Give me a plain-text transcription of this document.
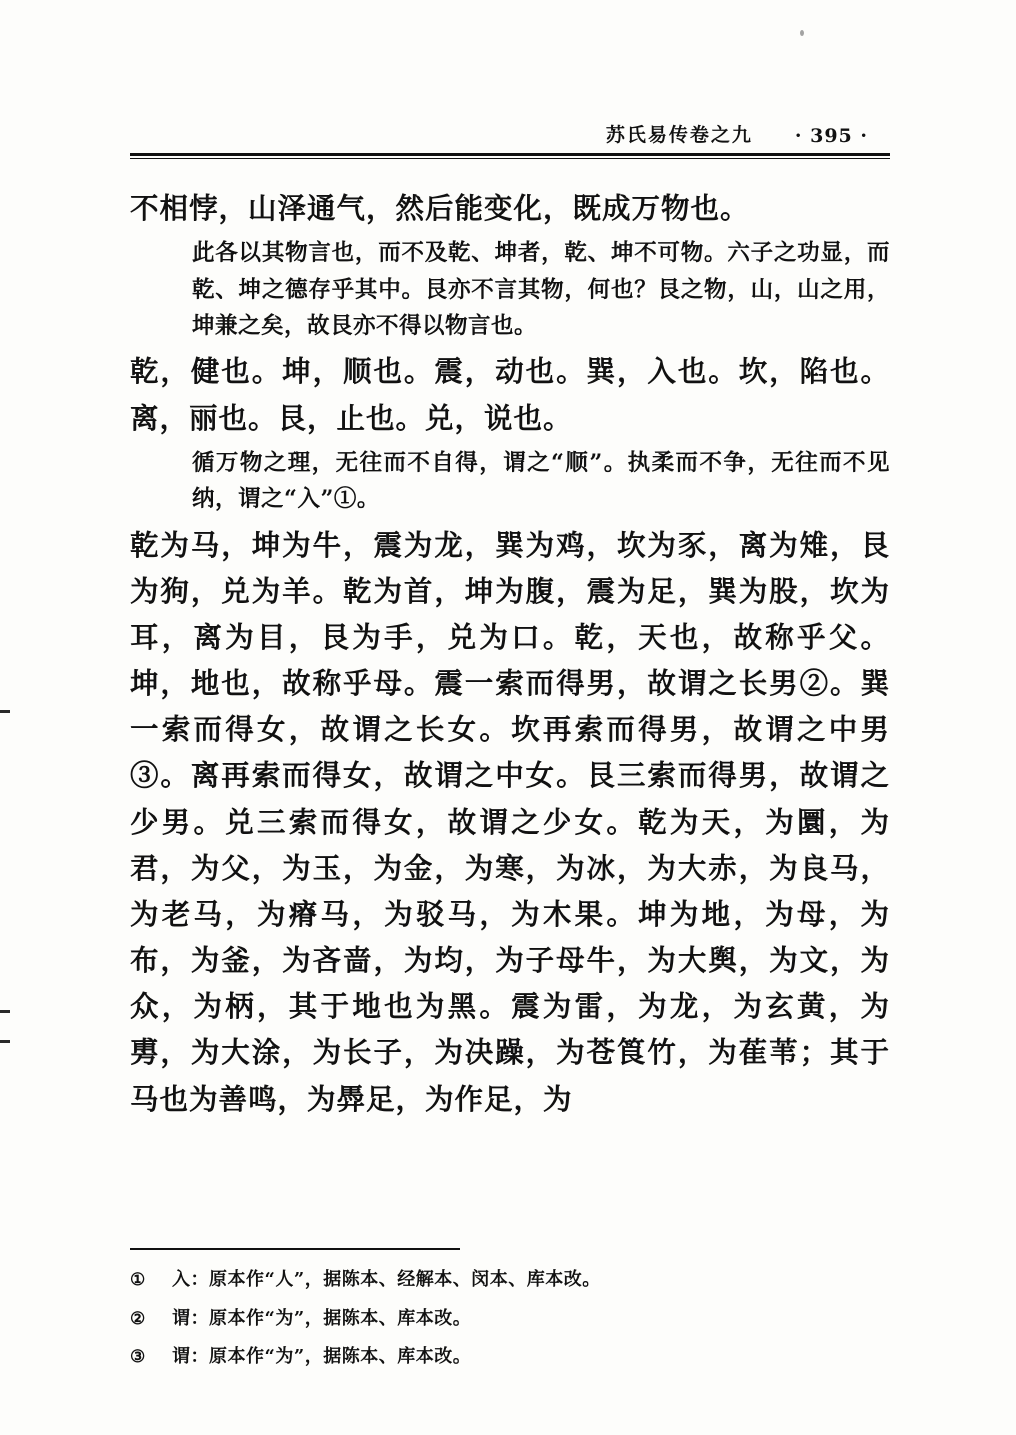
苏氏易传卷之九 · 395 ·

不相悖，山泽通气，然后能变化，既成万物也。

此各以其物言也，而不及乾、坤者，乾、坤不可物。六子之功显，而乾、坤之德存乎其中。艮亦不言其物，何也？艮之物，山，山之用，坤兼之矣，故艮亦不得以物言也。

乾，健也。坤，顺也。震，动也。巽，入也。坎，陷也。离，丽也。艮，止也。兑，说也。

循万物之理，无往而不自得，谓之“顺”。执柔而不争，无往而不见纳，谓之“入”①。

乾为马，坤为牛，震为龙，巽为鸡，坎为豕，离为雉，艮为狗，兑为羊。乾为首，坤为腹，震为足，巽为股，坎为耳，离为目，艮为手，兑为口。乾，天也，故称乎父。坤，地也，故称乎母。震一索而得男，故谓之长男②。巽一索而得女，故谓之长女。坎再索而得男，故谓之中男③。离再索而得女，故谓之中女。艮三索而得男，故谓之少男。兑三索而得女，故谓之少女。乾为天，为圜，为君，为父，为玉，为金，为寒，为冰，为大赤，为良马，为老马，为瘠马，为驳马，为木果。坤为地，为母，为布，为釜，为吝啬，为均，为子母牛，为大舆，为文，为众，为柄，其于地也为黑。震为雷，为龙，为玄黄，为旉，为大涂，为长子，为决躁，为苍筤竹，为萑苇；其于马也为善鸣，为馵足，为作足，为

①	入：原本作“人”，据陈本、经解本、闵本、库本改。
②	谓：原本作“为”，据陈本、库本改。
③	谓：原本作“为”，据陈本、库本改。
